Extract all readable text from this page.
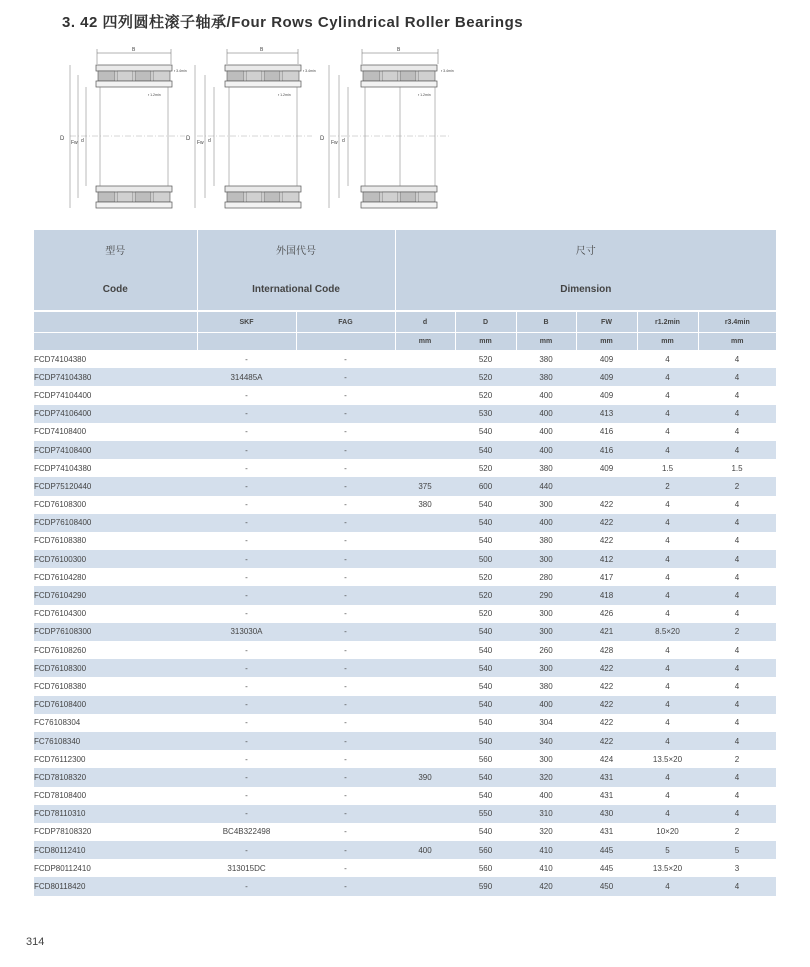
3. 42 四列圆柱滚子轴承/Four Rows Cylindrical Roller Bearings
B
D
Fw d
r 3.4min
r 1.2min
B
D
Fw d
r 3.4min
r 1.2min
B
D
Fw d
r 3.4min
r 1.2min
型号	外国代号		尺寸					
Code	International Code		Dimension					
	SKF	FAG	d	D	B	FW	r1.2min	r3.4min
			mm	mm	mm	mm	mm	mm
FCD74104380	-	-		520	380	409	4	4
FCDP74104380	314485A	-		520	380	409	4	4
FCDP74104400	-	-		520	400	409	4	4
FCDP74106400	-	-		530	400	413	4	4
FCD74108400	-	-		540	400	416	4	4
FCDP74108400	-	-		540	400	416	4	4
FCDP74104380	-	-		520	380	409	1.5	1.5
FCDP75120440	-	-	375	600	440		2	2
FCD76108300	-	-	380	540	300	422	4	4
FCDP76108400	-	-		540	400	422	4	4
FCD76108380	-	-		540	380	422	4	4
FCD76100300	-	-		500	300	412	4	4
FCD76104280	-	-		520	280	417	4	4
FCD76104290	-	-		520	290	418	4	4
FCD76104300	-	-		520	300	426	4	4
FCDP76108300	313030A	-		540	300	421	8.5×20	2
FCD76108260	-	-		540	260	428	4	4
FCD76108300	-	-		540	300	422	4	4
FCD76108380	-	-		540	380	422	4	4
FCD76108400	-	-		540	400	422	4	4
FC76108304	-	-		540	304	422	4	4
FC76108340	-	-		540	340	422	4	4
FCD76112300	-	-		560	300	424	13.5×20	2
FCD78108320	-	-	390	540	320	431	4	4
FCD78108400	-	-		540	400	431	4	4
FCD78110310	-	-		550	310	430	4	4
FCDP78108320	BC4B322498	-		540	320	431	10×20	2
FCD80112410	-	-	400	560	410	445	5	5
FCDP80112410	313015DC	-		560	410	445	13.5×20	3
FCD80118420	-	-		590	420	450	4	4
314
